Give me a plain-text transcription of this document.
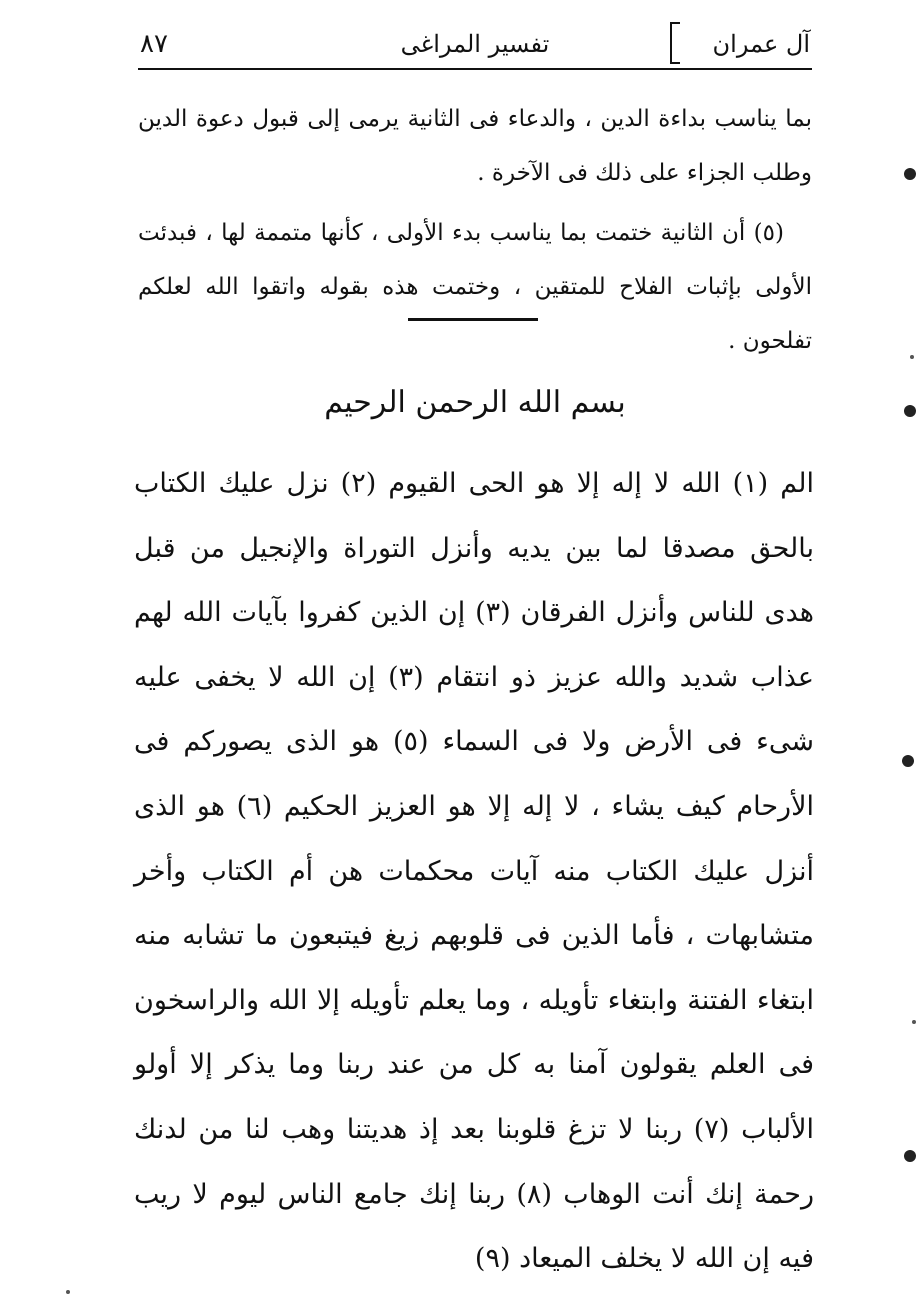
آل عمران
تفسير المراغى
٨٧

بما يناسب بداءة الدين ، والدعاء فى الثانية يرمى إلى قبول دعوة الدين وطلب الجزاء على ذلك فى الآخرة .

(٥) أن الثانية ختمت بما يناسب بدء الأولى ، كأنها متممة لها ، فبدئت الأولى بإثبات الفلاح للمتقين ، وختمت هذه بقوله واتقوا الله لعلكم تفلحون .

بسم الله الرحمن الرحيم

الم (١) الله لا إله إلا هو الحى القيوم (٢) نزل عليك الكتاب بالحق مصدقا لما بين يديه وأنزل التوراة والإنجيل من قبل هدى للناس وأنزل الفرقان (٣) إن الذين كفروا بآيات الله لهم عذاب شديد والله عزيز ذو انتقام (٣) إن الله لا يخفى عليه شىء فى الأرض ولا فى السماء (٥) هو الذى يصوركم فى الأرحام كيف يشاء ، لا إله إلا هو العزيز الحكيم (٦) هو الذى أنزل عليك الكتاب منه آيات محكمات هن أم الكتاب وأخر متشابهات ، فأما الذين فى قلوبهم زيغ فيتبعون ما تشابه منه ابتغاء الفتنة وابتغاء تأويله ، وما يعلم تأويله إلا الله والراسخون فى العلم يقولون آمنا به كل من عند ربنا وما يذكر إلا أولو الألباب (٧) ربنا لا تزغ قلوبنا بعد إذ هديتنا وهب لنا من لدنك رحمة إنك أنت الوهاب (٨) ربنا إنك جامع الناس ليوم لا ريب فيه إن الله لا يخلف الميعاد (٩)
